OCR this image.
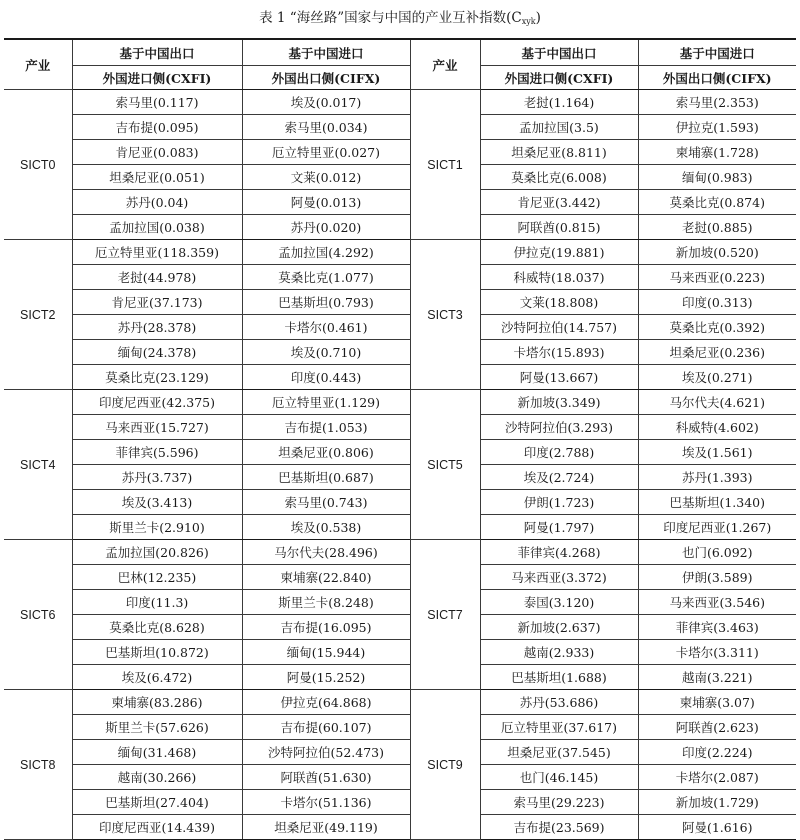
表 1 “海丝路”国家与中国的产业互补指数$(C_{xyk})$
产业	基于中国出口	基于中国进口	产业	基于中国出口	基于中国进口
	外国进口侧(CXFI)	外国出口侧(CIFX)		外国进口侧(CXFI)	外国出口侧(CIFX)
SICT0	索马里(0.117)	埃及(0.017)	SICT1	老挝(1.164)	索马里(2.353)
	吉布提(0.095)	索马里(0.034)		孟加拉国(3.5)	伊拉克(1.593)
	肯尼亚(0.083)	厄立特里亚(0.027)		坦桑尼亚(8.811)	柬埔寨(1.728)
	坦桑尼亚(0.051)	文莱(0.012)		莫桑比克(6.008)	缅甸(0.983)
	苏丹(0.04)	阿曼(0.013)		肯尼亚(3.442)	莫桑比克(0.874)
	孟加拉国(0.038)	苏丹(0.020)		阿联酋(0.815)	老挝(0.885)
SICT2	厄立特里亚(118.359)	孟加拉国(4.292)	SICT3	伊拉克(19.881)	新加坡(0.520)
	老挝(44.978)	莫桑比克(1.077)		科威特(18.037)	马来西亚(0.223)
	肯尼亚(37.173)	巴基斯坦(0.793)		文莱(18.808)	印度(0.313)
	苏丹(28.378)	卡塔尔(0.461)		沙特阿拉伯(14.757)	莫桑比克(0.392)
	缅甸(24.378)	埃及(0.710)		卡塔尔(15.893)	坦桑尼亚(0.236)
	莫桑比克(23.129)	印度(0.443)		阿曼(13.667)	埃及(0.271)
SICT4	印度尼西亚(42.375)	厄立特里亚(1.129)	SICT5	新加坡(3.349)	马尔代夫(4.621)
	马来西亚(15.727)	吉布提(1.053)		沙特阿拉伯(3.293)	科威特(4.602)
	菲律宾(5.596)	坦桑尼亚(0.806)		印度(2.788)	埃及(1.561)
	苏丹(3.737)	巴基斯坦(0.687)		埃及(2.724)	苏丹(1.393)
	埃及(3.413)	索马里(0.743)		伊朗(1.723)	巴基斯坦(1.340)
	斯里兰卡(2.910)	埃及(0.538)		阿曼(1.797)	印度尼西亚(1.267)
SICT6	孟加拉国(20.826)	马尔代夫(28.496)	SICT7	菲律宾(4.268)	也门(6.092)
	巴林(12.235)	柬埔寨(22.840)		马来西亚(3.372)	伊朗(3.589)
	印度(11.3)	斯里兰卡(8.248)		泰国(3.120)	马来西亚(3.546)
	莫桑比克(8.628)	吉布提(16.095)		新加坡(2.637)	菲律宾(3.463)
	巴基斯坦(10.872)	缅甸(15.944)		越南(2.933)	卡塔尔(3.311)
	埃及(6.472)	阿曼(15.252)		巴基斯坦(1.688)	越南(3.221)
SICT8	柬埔寨(83.286)	伊拉克(64.868)	SICT9	苏丹(53.686)	柬埔寨(3.07)
	斯里兰卡(57.626)	吉布提(60.107)		厄立特里亚(37.617)	阿联酋(2.623)
	缅甸(31.468)	沙特阿拉伯(52.473)		坦桑尼亚(37.545)	印度(2.224)
	越南(30.266)	阿联酋(51.630)		也门(46.145)	卡塔尔(2.087)
	巴基斯坦(27.404)	卡塔尔(51.136)		索马里(29.223)	新加坡(1.729)
	印度尼西亚(14.439)	坦桑尼亚(49.119)		吉布提(23.569)	阿曼(1.616)
